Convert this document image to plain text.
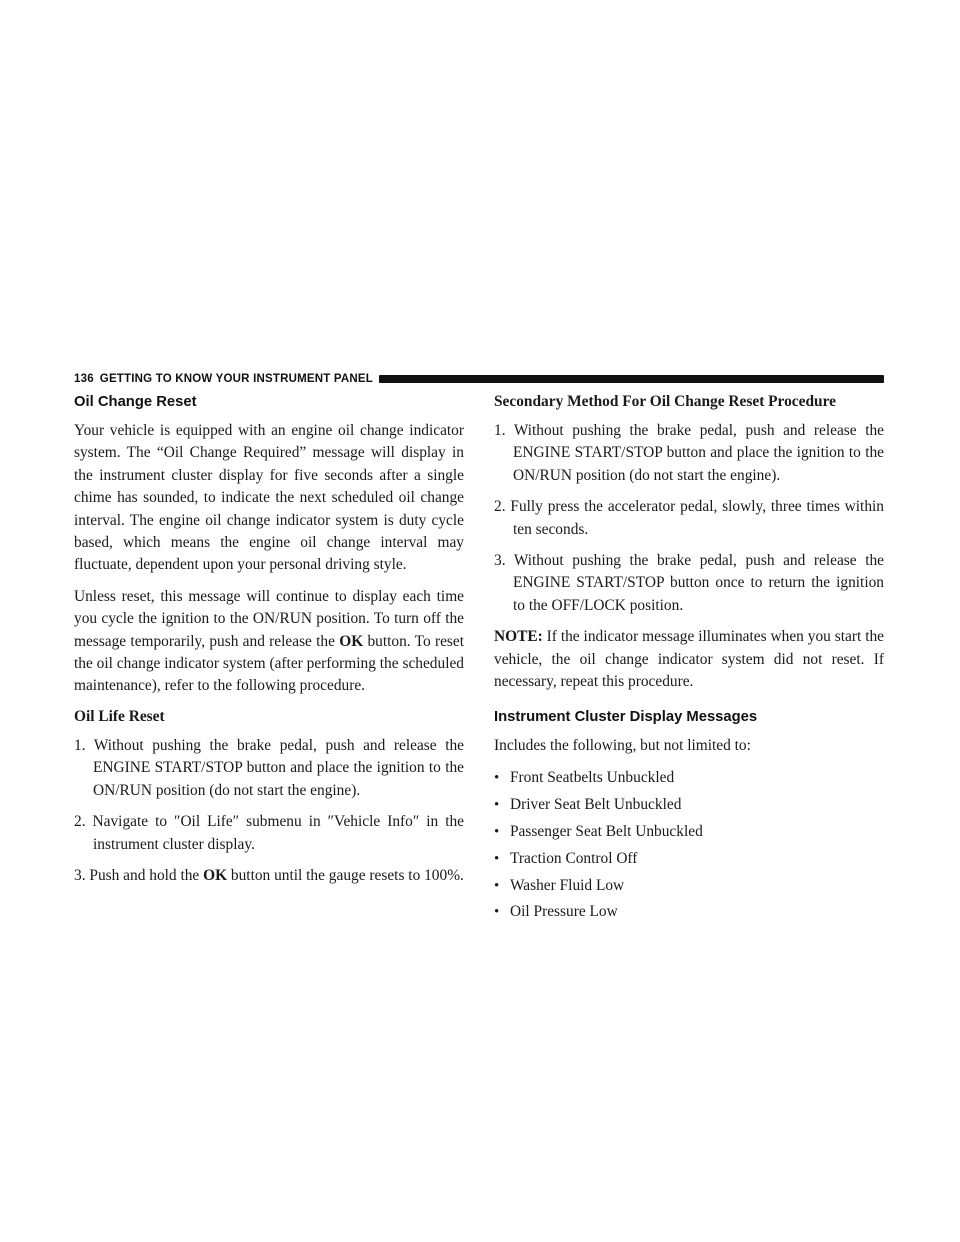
136 GETTING TO KNOW YOUR INSTRUMENT PANEL
Oil Change Reset

Your vehicle is equipped with an engine oil change indicator system. The “Oil Change Required” message will display in the instrument cluster display for five seconds after a single chime has sounded, to indicate the next scheduled oil change interval. The engine oil change indicator system is duty cycle based, which means the engine oil change interval may fluctuate, dependent upon your personal driving style.

Unless reset, this message will continue to display each time you cycle the ignition to the ON/RUN position. To turn off the message temporarily, push and release the OK button. To reset the oil change indicator system (after performing the scheduled maintenance), refer to the following procedure.

Oil Life Reset
1. Without pushing the brake pedal, push and release the ENGINE START/STOP button and place the ignition to the ON/RUN position (do not start the engine).
2. Navigate to ″Oil Life″ submenu in ″Vehicle Info″ in the instrument cluster display.
3. Push and hold the OK button until the gauge resets to 100%.
Secondary Method For Oil Change Reset Procedure
1. Without pushing the brake pedal, push and release the ENGINE START/STOP button and place the ignition to the ON/RUN position (do not start the engine).
2. Fully press the accelerator pedal, slowly, three times within ten seconds.
3. Without pushing the brake pedal, push and release the ENGINE START/STOP button once to return the ignition to the OFF/LOCK position.

NOTE: If the indicator message illuminates when you start the vehicle, the oil change indicator system did not reset. If necessary, repeat this procedure.

Instrument Cluster Display Messages

Includes the following, but not limited to:

• Front Seatbelts Unbuckled
• Driver Seat Belt Unbuckled
• Passenger Seat Belt Unbuckled
• Traction Control Off
• Washer Fluid Low
• Oil Pressure Low
